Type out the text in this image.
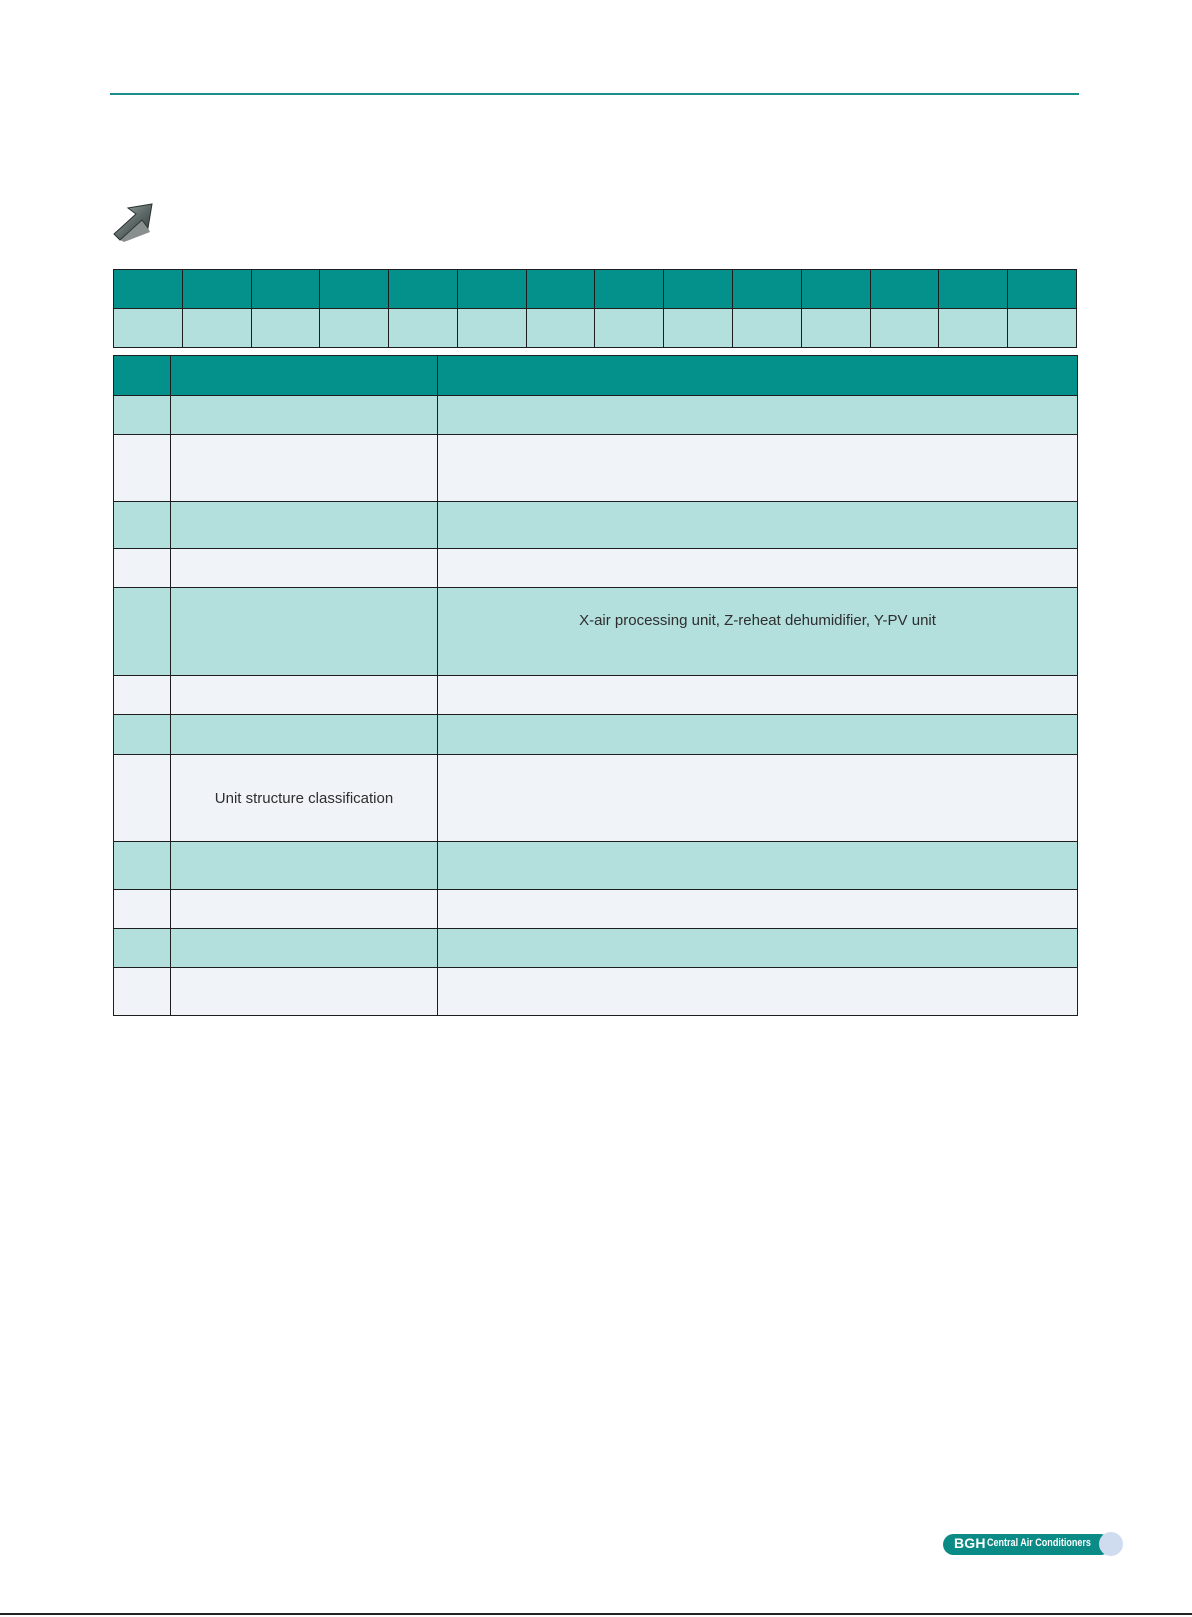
		X-air processing unit, Z-reheat dehumidifier, Y-PV unit

	Unit structure classification	

BGH Central Air Conditioners
